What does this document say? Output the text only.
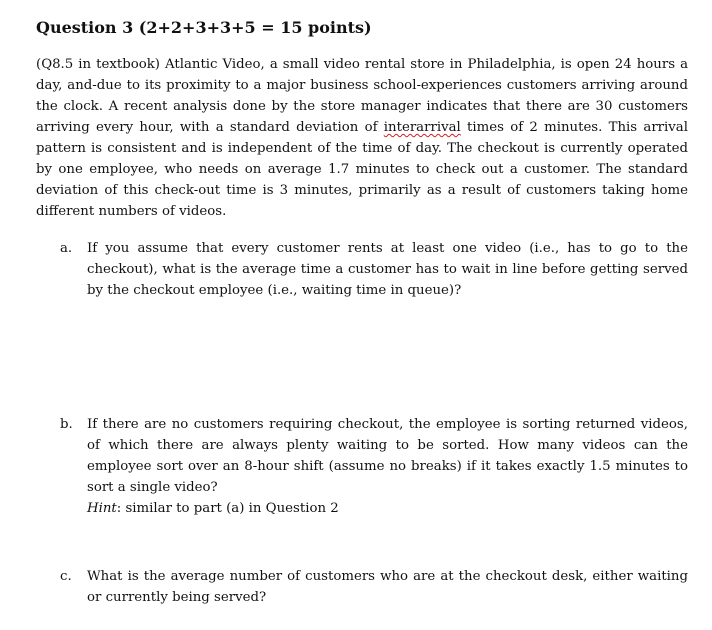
Question 3 (2+2+3+3+5 = 15 points)

(Q8.5 in textbook) Atlantic Video, a small video rental store in Philadelphia, is open 24 hours a day, and-due to its proximity to a major business school-experiences customers arriving around the clock. A recent analysis done by the store manager indicates that there are 30 customers arriving every hour, with a standard deviation of interarrival times of 2 minutes. This arrival pattern is consistent and is independent of the time of day. The checkout is currently operated by one employee, who needs on average 1.7 minutes to check out a customer. The standard deviation of this check-out time is 3 minutes, primarily as a result of customers taking home different numbers of videos.

a.	If you assume that every customer rents at least one video (i.e., has to go to the checkout), what is the average time a customer has to wait in line before getting served by the checkout employee (i.e., waiting time in queue)?
b.	If there are no customers requiring checkout, the employee is sorting returned videos, of which there are always plenty waiting to be sorted. How many videos can the employee sort over an 8-hour shift (assume no breaks) if it takes exactly 1.5 minutes to sort a single video?
Hint: similar to part (a) in Question 2
c.	What is the average number of customers who are at the checkout desk, either waiting or currently being served?
